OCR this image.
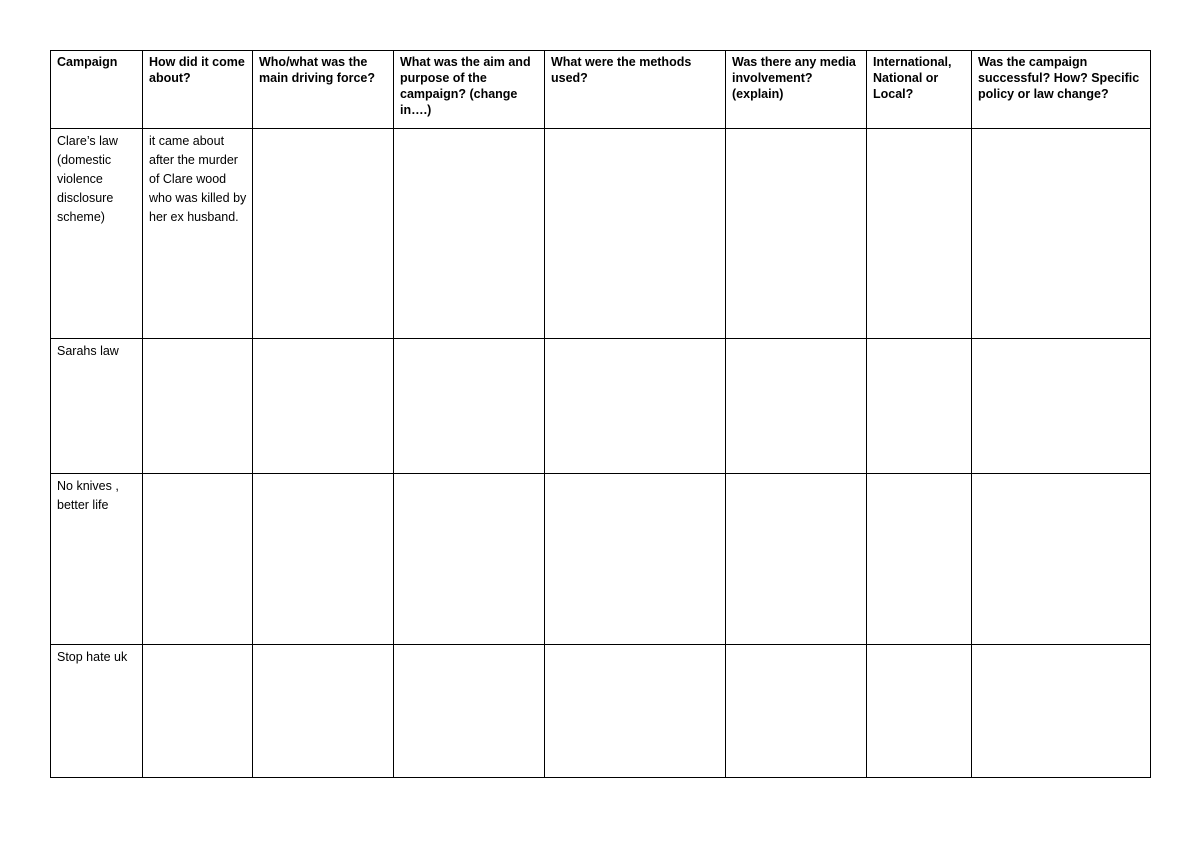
Campaign	How did it come about?	Who/what was the main driving force?	What was the aim and purpose of the campaign? (change in….)	What were the methods used?	Was there any media involvement? (explain)	International, National or Local?	Was the campaign successful? How? Specific policy or law change?
Clare’s law (domestic violence disclosure scheme)	it came about after the murder of Clare wood who was killed by her ex husband.						
Sarahs law							
No knives , better life							
Stop hate uk							
